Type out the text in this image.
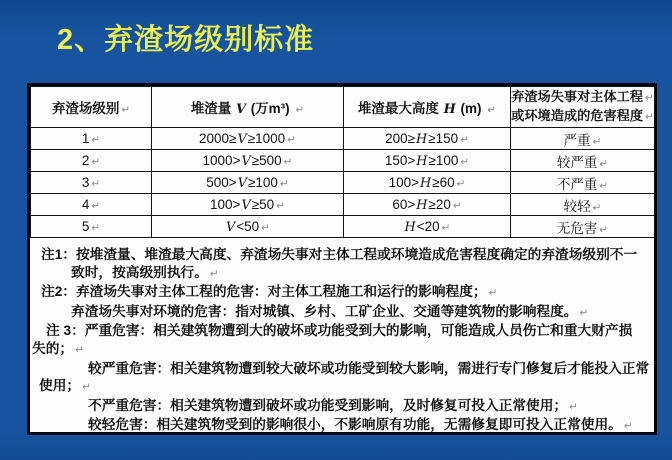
2、弃渣场级别标准
弃渣场级别 ↵	堆渣量 V (万m³) ↵	堆渣最大高度 H (m) ↵	弃渣场失事对主体工程 ↵
或环境造成的危害程度 ↵

1 ↵	2000≥V≥1000 ↵	200≥H≥150 ↵	严重 ↵
2 ↵	1000>V≥500 ↵	150>H≥100 ↵	较严重 ↵
3 ↵	500>V≥100 ↵	100>H≥60 ↵	不严重 ↵
4 ↵	100>V≥50 ↵	60>H≥20 ↵	较轻 ↵
5 ↵	V<50 ↵	H<20 ↵	无危害 ↵
注1：按堆渣量、堆渣最大高度、弃渣场失事对主体工程或环境造成危害程度确定的弃渣场级别不一
致时，按高级别执行。 ↵
注2：弃渣场失事对主体工程的危害：对主体工程施工和运行的影响程度； ↵
弃渣场失事对环境的危害：指对城镇、乡村、工矿企业、交通等建筑物的影响程度。 ↵
注 3：严重危害：相关建筑物遭到大的破坏或功能受到大的影响，可能造成人员伤亡和重大财产损
失的； ↵
较严重危害：相关建筑物遭到较大破坏或功能受到较大影响，需进行专门修复后才能投入正常
使用； ↵
不严重危害：相关建筑物遭到破坏或功能受到影响，及时修复可投入正常使用； ↵
较轻危害：相关建筑物受到的影响很小，不影响原有功能，无需修复即可投入正常使用。 ↵
